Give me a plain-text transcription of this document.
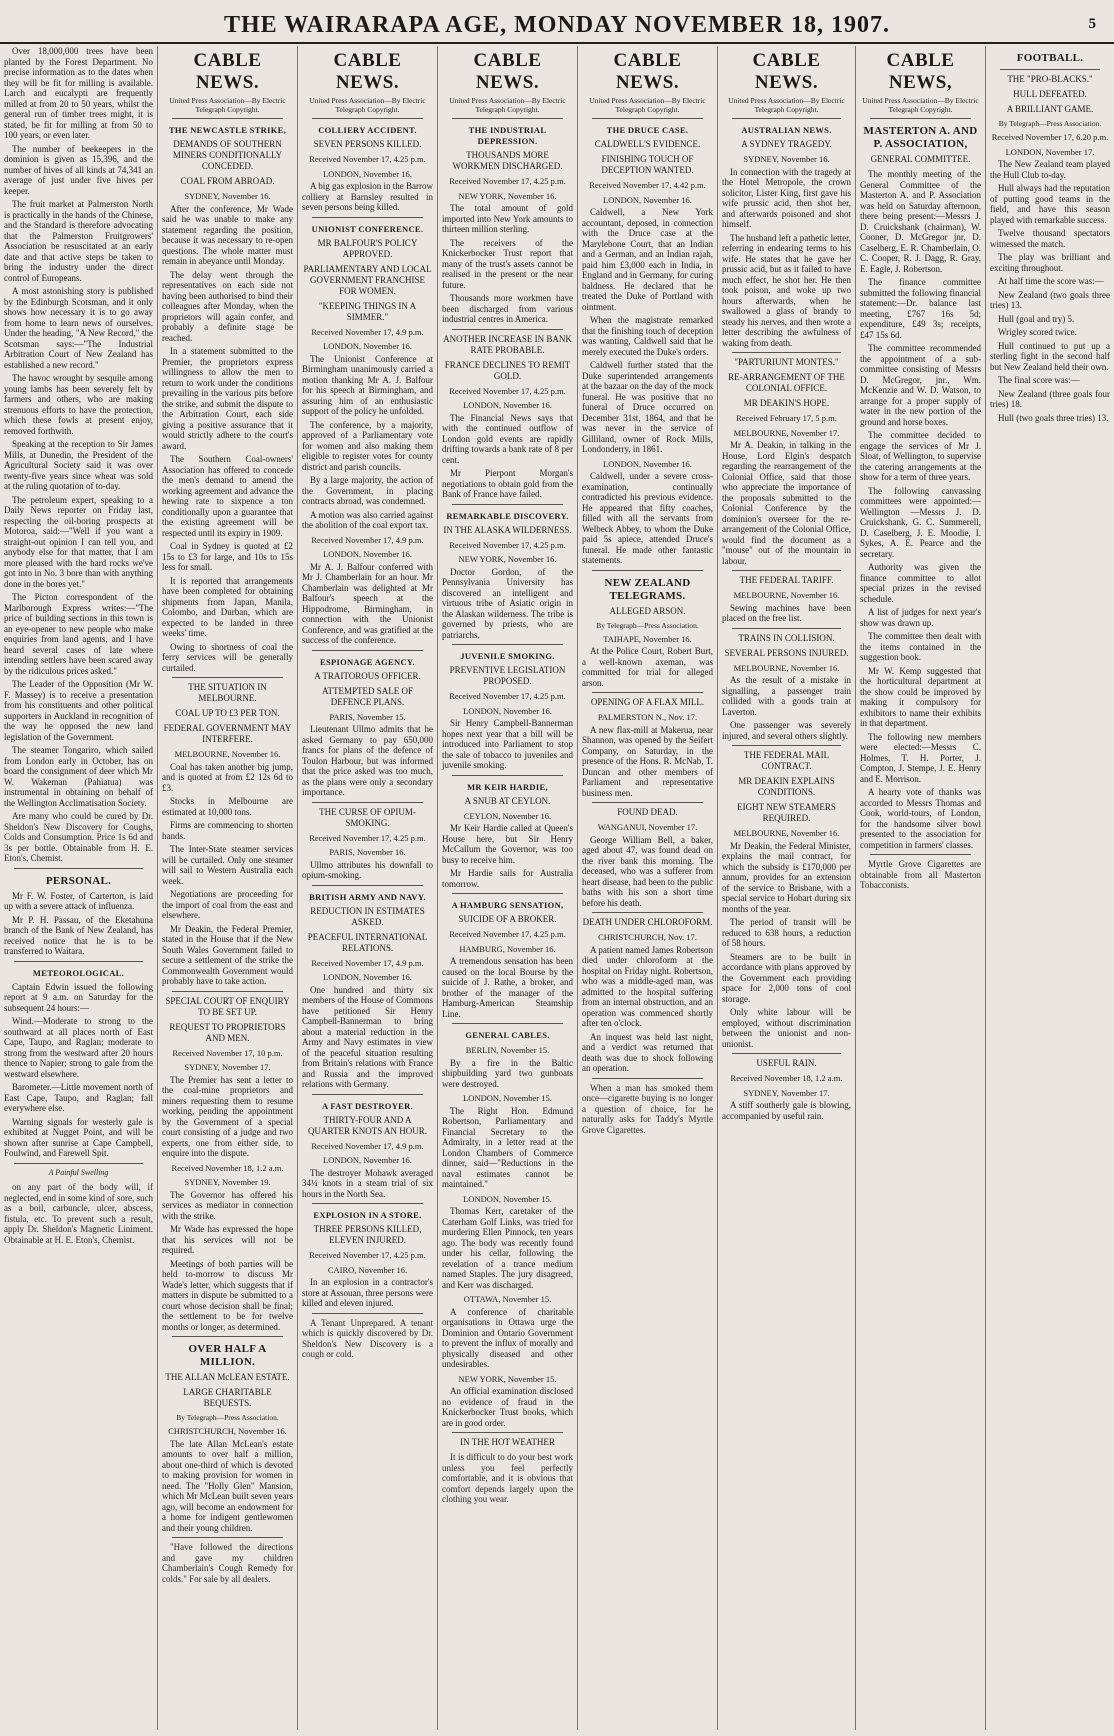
THE WAIRARAPA AGE, MONDAY NOVEMBER 18, 1907.	5

Over 18,000,000 trees have been planted by the Forest Department. No precise information as to the dates when they will be fit for milling is available. Larch and eucalypti are frequently milled at from 20 to 50 years, whilst the general run of timber trees might, it is stated, be fit for milling at from 50 to 100 years, or even later.

The number of beekeepers in the dominion is given as 15,396, and the number of hives of all kinds at 74,341 an average of just under five hives per keeper.

The fruit market at Palmerston North is practically in the hands of the Chinese, and the Standard is therefore advocating that the Palmerston Fruitgrowers' Association be resuscitated at an early date and that active steps be taken to bring the industry under the direct control of Europeans.

A most astonishing story is published by the Edinburgh Scotsman, and it only shows how necessary it is to go away from home to learn news of ourselves. Under the heading, "A New Record," the Scotsman says:—"The Industrial Arbitration Court of New Zealand has established a new record."

The havoc wrought by sesquile among young lambs has been severely felt by farmers and others, who are making strenuous efforts to have the protection, which these fowls at present enjoy, removed forthwith.

Speaking at the reception to Sir James Mills, at Dunedin, the President of the Agricultural Society said it was over twenty-five years since wheat was sold at the ruling quotation of to-day.

The petroleum expert, speaking to a Daily News reporter on Friday last, respecting the oil-boring prospects at Motoroa, said:—"Well if you want a straight-out opinion I can tell you, and anybody else for that matter, that I am more pleased with the hard rocks we've got into in No. 3 bore than with anything done in the bores yet."

The Picton correspondent of the Marlborough Express writes:—"The price of building sections in this town is an eye-opener to new people who make enquiries from land agents, and I have heard several cases of late where intending settlers have been scared away by the ridiculous prices asked."

The Leader of the Opposition (Mr W. F. Massey) is to receive a presentation from his constituents and other political supporters in Auckland in recognition of the way he opposed the new land legislation of the Government.

The steamer Tongariro, which sailed from London early in October, has on board the consignment of deer which Mr W. Wakeman (Pahiatua) was instrumental in obtaining on behalf of the Wellington Acclimatisation Society.

Are many who could be cured by Dr. Sheldon's New Discovery for Coughs, Colds and Consumption. Price 1s 6d and 3s per bottle. Obtainable from H. E. Eton's, Chemist.

PERSONAL.

Mr F. W. Foster, of Carterton, is laid up with a severe attack of influenza.

Mr P. H. Passau, of the Eketahuna branch of the Bank of New Zealand, has received notice that he is to be transferred to Waitara.

METEOROLOGICAL.

Captain Edwin issued the following report at 9 a.m. on Saturday for the subsequent 24 hours:—

Wind.—Moderate to strong to the southward at all places north of East Cape, Taupo, and Raglan; moderate to strong from the westward after 20 hours thence to Napier; strong to gale from the westward elsewhere.

Barometer.—Little movement north of East Cape, Taupo, and Raglan; fall everywhere else.

Warning signals for westerly gale is exhibited at Nugget Point, and will be shown after sunrise at Cape Campbell, Foulwind, and Farewell Spit.

A Painful Swelling

on any part of the body will, if neglected, end in some kind of sore, such as a boil, carbuncle, ulcer, abscess, fistula, etc. To prevent such a result, apply Dr. Sheldon's Magnetic Liniment. Obtainable at H. E. Eton's, Chemist.

CABLE NEWS.
United Press Association—By Electric Telegraph Copyright.
THE NEWCASTLE STRIKE,
DEMANDS OF SOUTHERN MINERS CONDITIONALLY CONCEDED.
COAL FROM ABROAD.
SYDNEY, November 16.

After the conference, Mr Wade said he was unable to make any statement regarding the position, because it was necessary to re-open questions. The whole matter must remain in abeyance until Monday.

The delay went through the representatives on each side not having been authorised to bind their colleagues after Monday, when the proprietors will again confer, and probably a definite stage be reached.

In a statement submitted to the Premier, the proprietors express willingness to allow the men to return to work under the conditions prevailing in the various pits before the strike, and submit the dispute to the Arbitration Court, each side giving a positive assurance that it would strictly adhere to the court's award.

The Southern Coal-owners' Association has offered to concede the men's demand to amend the working agreement and advance the hewing rate to sixpence a ton conditionally upon a guarantee that the existing agreement will be respected until its expiry in 1909.

Coal in Sydney is quoted at £2 15s to £3 for large, and 10s to 15s less for small.

It is reported that arrangements have been completed for obtaining shipments from Japan, Manila, Colombo, and Durban, which are expected to be landed in three weeks' time.

Owing to shortness of coal the ferry services will be generally curtailed.

THE SITUATION IN MELBOURNE.
COAL UP TO £3 PER TON.
FEDERAL GOVERNMENT MAY INTERFERE.
MELBOURNE, November 16.

Coal has taken another big jump, and is quoted at from £2 12s 6d to £3.

Stocks in Melbourne are estimated at 10,000 tons.

Firms are commencing to shorten hands.

The Inter-State steamer services will be curtailed. Only one steamer will sail to Western Australia each week.

Negotiations are proceeding for the import of coal from the east and elsewhere.

Mr Deakin, the Federal Premier, stated in the House that if the New South Wales Government failed to secure a settlement of the strike the Commonwealth Government would probably have to take action.

SPECIAL COURT OF ENQUIRY TO BE SET UP.
REQUEST TO PROPRIETORS AND MEN.
Received November 17, 10 p.m.
SYDNEY, November 17.

The Premier has sent a letter to the coal-mine proprietors and miners requesting them to resume working, pending the appointment by the Government of a special court consisting of a judge and two experts, one from either side, to enquire into the dispute.

Received November 18, 1.2 a.m.
SYDNEY, November 19.

The Governor has offered his services as mediator in connection with the strike.

Mr Wade has expressed the hope that his services will not be required.

Meetings of both parties will be held to-morrow to discuss Mr Wade's letter, which suggests that if matters in dispute be submitted to a court whose decision shall be final; the settlement to be for twelve months or longer, as determined.

OVER HALF A MILLION.
THE ALLAN McLEAN ESTATE.
LARGE CHARITABLE BEQUESTS.
By Telegraph—Press Association.
CHRISTCHURCH, November 16.

The late Allan McLean's estate amounts to over half a million, about one-third of which is devoted to making provision for women in need. The "Holly Glen" Mansion, which Mr McLean built seven years ago, will become an endowment for a home for indigent gentlewomen and their young children.

"Have followed the directions and gave my children Chamberlain's Cough Remedy for colds." For sale by all dealers.

CABLE NEWS.
United Press Association—By Electric Telegraph Copyright.
COLLIERY ACCIDENT.
SEVEN PERSONS KILLED.
Received November 17, 4.25 p.m.
LONDON, November 16.

A big gas explosion in the Barrow colliery at Barnsley resulted in seven persons being killed.

UNIONIST CONFERENCE.
MR BALFOUR'S POLICY APPROVED.
PARLIAMENTARY AND LOCAL GOVERNMENT FRANCHISE FOR WOMEN.
"KEEPING THINGS IN A SIMMER."
Received November 17, 4.9 p.m.
LONDON, November 16.

The Unionist Conference at Birmingham unanimously carried a motion thanking Mr A. J. Balfour for his speech at Birmingham, and assuring him of an enthusiastic support of the policy he unfolded.

The conference, by a majority, approved of a Parliamentary vote for women and also making them eligible to register votes for county district and parish councils.

By a large majority, the action of the Government, in placing contracts abroad, was condemned.

A motion was also carried against the abolition of the coal export tax.

Received November 17, 4.9 p.m.
LONDON, November 16.

Mr A. J. Balfour conferred with Mr J. Chamberlain for an hour. Mr Chamberlain was delighted at Mr Balfour's speech at the Hippodrome, Birmingham, in connection with the Unionist Conference, and was gratified at the success of the conference.

ESPIONAGE AGENCY.
A TRAITOROUS OFFICER.
ATTEMPTED SALE OF DEFENCE PLANS.
PARIS, November 15.

Lieutenant Ullmo admits that he asked Germany to pay 650,000 francs for plans of the defence of Toulon Harbour, but was informed that the price asked was too much, as the plans were only a secondary importance.

THE CURSE OF OPIUM-SMOKING.
Received November 17, 4.25 p.m.
PARIS, November 16.

Ullmo attributes his downfall to opium-smoking.

BRITISH ARMY AND NAVY.
REDUCTION IN ESTIMATES ASKED.
PEACEFUL INTERNATIONAL RELATIONS.
Received November 17, 4.9 p.m.
LONDON, November 16.

One hundred and thirty six members of the House of Commons have petitioned Sir Henry Campbell-Bannerman to bring about a material reduction in the Army and Navy estimates in view of the peaceful situation resulting from Britain's relations with France and Russia and the improved relations with Germany.

A FAST DESTROYER.
THIRTY-FOUR AND A QUARTER KNOTS AN HOUR.
Received November 17, 4.9 p.m.
LONDON, November 16.

The destroyer Mohawk averaged 34¼ knots in a steam trial of six hours in the North Sea.

EXPLOSION IN A STORE.
THREE PERSONS KILLED, ELEVEN INJURED.
Received November 17, 4.25 p.m.
CAIRO, November 16.

In an explosion in a contractor's store at Assouan, three persons were killed and eleven injured.

A Tenant Unprepared. A tenant which is quickly discovered by Dr. Sheldon's New Discovery is a cough or cold.

CABLE NEWS.
United Press Association—By Electric Telegraph Copyright.
THE INDUSTRIAL DEPRESSION.
THOUSANDS MORE WORKMEN DISCHARGED.
Received November 17, 4.25 p.m.
NEW YORK, November 16.

The total amount of gold imported into New York amounts to thirteen million sterling.

The receivers of the Knickerbocker Trust report that many of the trust's assets cannot be realised in the present or the near future.

Thousands more workmen have been discharged from various industrial centres in America.

ANOTHER INCREASE IN BANK RATE PROBABLE.
FRANCE DECLINES TO REMIT GOLD.
Received November 17, 4.25 p.m.
LONDON, November 16.

The Financial News says that with the continued outflow of London gold events are rapidly drifting towards a bank rate of 8 per cent.

Mr Pierpont Morgan's negotiations to obtain gold from the Bank of France have failed.

REMARKABLE DISCOVERY.
IN THE ALASKA WILDERNESS.
Received November 17, 4.25 p.m.
NEW YORK, November 16.

Doctor Gordon, of the Pennsylvania University has discovered an intelligent and virtuous tribe of Asiatic origin in the Alaskan wilderness. The tribe is governed by priests, who are patriarchs.

JUVENILE SMOKING.
PREVENTIVE LEGISLATION PROPOSED.
Received November 17, 4.25 p.m.
LONDON, November 16.

Sir Henry Campbell-Bannerman hopes next year that a bill will be introduced into Parliament to stop the sale of tobacco to juveniles and juvenile smoking.

MR KEIR HARDIE,
A SNUB AT CEYLON.
CEYLON, November 16.

Mr Keir Hardie called at Queen's House here, but Sir Henry McCallum the Governor, was too busy to receive him.

Mr Hardie sails for Australia tomorrow.

A HAMBURG SENSATION,
SUICIDE OF A BROKER.
Received November 17, 4.25 p.m.
HAMBURG, November 16.

A tremendous sensation has been caused on the local Bourse by the suicide of J. Rathe, a broker, and brother of the manager of the Hamburg-American Steamship Line.

GENERAL CABLES.
BERLIN, November 15.

By a fire in the Baltic shipbuilding yard two gunboats were destroyed.

LONDON, November 15.

The Right Hon. Edmund Robertson, Parliamentary and Financial Secretary to the Admiralty, in a letter read at the London Chambers of Commerce dinner, said—"Reductions in the naval estimates cannot be maintained."

LONDON, November 15.

Thomas Kerr, caretaker of the Caterham Golf Links, was tried for murdering Ellen Pinnock, ten years ago. The body was recently found under his cellar, following the revelation of a trance medium named Staples. The jury disagreed, and Kerr was discharged.

OTTAWA, November 15.

A conference of charitable organisations in Ottawa urge the Dominion and Ontario Government to prevent the influx of morally and physically diseased and other undesirables.

NEW YORK, November 15.

An official examination disclosed no evidence of fraud in the Knickerbocker Trust books, which are in good order.

IN THE HOT WEATHER

It is difficult to do your best work unless you feel perfectly comfortable, and it is obvious that comfort depends largely upon the clothing you wear.

CABLE NEWS.
United Press Association—By Electric Telegraph Copyright.
THE DRUCE CASE.
CALDWELL'S EVIDENCE.
FINISHING TOUCH OF DECEPTION WANTED.
Received November 17, 4.42 p.m.
LONDON, November 16.

Caldwell, a New York accountant, deposed, in connection with the Druce case at the Marylebone Court, that an Indian and a German, and an Indian rajah, paid him £3,000 each in India, in England and in Germany, for curing baldness. He declared that he treated the Duke of Portland with ointment.

When the magistrate remarked that the finishing touch of deception was wanting, Caldwell said that he merely executed the Duke's orders.

Caldwell further stated that the Duke superintended arrangements at the bazaar on the day of the mock funeral. He was positive that no funeral of Druce occurred on December 31st, 1864, and that he was never in the service of Gilliland, owner of Rock Mills, Londonderry, in 1861.

LONDON, November 16.

Caldwell, under a severe cross-examination, continually contradicted his previous evidence. He appeared that fifty coaches, filled with all the servants from Welbeck Abbey, to whom the Duke paid 5s apiece, attended Druce's funeral. He made other fantastic statements.

NEW ZEALAND TELEGRAMS.
ALLEGED ARSON.
By Telegraph—Press Association.
TAIHAPE, November 16.

At the Police Court, Robert Burt, a well-known axeman, was committed for trial for alleged arson.

OPENING OF A FLAX MILL.
PALMERSTON N., Nov. 17.

A new flax-mill at Makerua, near Shannon, was opened by the Seifert Company, on Saturday, in the presence of the Hons. R. McNab, T. Duncan and other members of Parliament and representative business men.

FOUND DEAD.
WANGANUI, November 17.

George William Bell, a baker, aged about 47, was found dead on the river bank this morning. The deceased, who was a sufferer from heart disease, had been to the public baths with his son a short time before his death.

DEATH UNDER CHLOROFORM.
CHRISTCHURCH, Nov. 17.

A patient named James Robertson died under chloroform at the hospital on Friday night. Robertson, who was a middle-aged man, was admitted to the hospital suffering from an internal obstruction, and an operation was commenced shortly after ten o'clock.

An inquest was held last night, and a verdict was returned that death was due to shock following an operation.

When a man has smoked them once—cigarette buying is no longer a question of choice, for he naturally asks for Taddy's Myrtle Grove Cigarettes.

CABLE NEWS.
United Press Association—By Electric Telegraph Copyright.
AUSTRALIAN NEWS.
A SYDNEY TRAGEDY.
SYDNEY, November 16.

In connection with the tragedy at the Hotel Metropole, the crown solicitor, Lister King, first gave his wife prussic acid, then shot her, and afterwards poisoned and shot himself.

The husband left a pathetic letter, referring in endearing terms to his wife. He states that he gave her prussic acid, but as it failed to have much effect, he shot her. He then took poison, and woke up two hours afterwards, when he swallowed a glass of brandy to steady his nerves, and then wrote a letter describing the awfulness of waking from death.

"PARTURIUNT MONTES."
RE-ARRANGEMENT OF THE COLONIAL OFFICE.
MR DEAKIN'S HOPE.
Received February 17, 5 p.m.
MELBOURNE, November 17.

Mr A. Deakin, in talking in the House, Lord Elgin's despatch regarding the rearrangement of the Colonial Office, said that those who appreciate the importance of the proposals submitted to the Colonial Conference by the dominion's overseer for the re-arrangement of the Colonial Office, would find the document as a "mouse" out of the mountain in labour.

THE FEDERAL TARIFF.
MELBOURNE, November 16.

Sewing machines have been placed on the free list.

TRAINS IN COLLISION.
SEVERAL PERSONS INJURED.
MELBOURNE, November 16.

As the result of a mistake in signalling, a passenger train collided with a goods train at Laverton.

One passenger was severely injured, and several others slightly.

THE FEDERAL MAIL CONTRACT.
MR DEAKIN EXPLAINS CONDITIONS.
EIGHT NEW STEAMERS REQUIRED.
MELBOURNE, November 16.

Mr Deakin, the Federal Minister, explains the mail contract, for which the subsidy is £170,000 per annum, provides for an extension of the service to Brisbane, with a special service to Hobart during six months of the year.

The period of transit will be reduced to 638 hours, a reduction of 58 hours.

Steamers are to be built in accordance with plans approved by the Government each providing space for 2,000 tons of cool storage.

Only white labour will be employed, without discrimination between the unionist and non-unionist.

USEFUL RAIN.
Received November 18, 1.2 a.m.
SYDNEY, November 17.

A stiff southerly gale is blowing, accompanied by useful rain.

CABLE NEWS,
United Press Association—By Electric Telegraph Copyright.
MASTERTON A. AND P. ASSOCIATION,
GENERAL COMMITTEE.

The monthly meeting of the General Committee of the Masterton A. and P. Association was held on Saturday afternoon, there being present:—Messrs J. D. Cruickshank (chairman), W. Cooner, D. McGregor jnr, D. Caselberg, E. R. Chamberlain, O. C. Cooper, R. J. Dagg, R. Gray, E. Eagle, J. Robertson.

The finance committee submitted the following financial statement:—Dr. balance last meeting, £767 16s 5d; expenditure, £49 3s; receipts, £47 15s 6d.

The committee recommended the appointment of a sub-committee consisting of Messrs D. McGregor, jnr., Wm. McKenzie and W. D. Watson, to arrange for a proper supply of water in the new portion of the ground and horse boxes.

The committee decided to engage the services of Mr J. Sloat, of Wellington, to supervise the catering arrangements at the show for a term of three years.

The following canvassing committees were appointed:—Wellington —Messrs J. D. Cruickshank, G. C. Summerell, D. Caselberg, J. E. Moodie, I. Sykes, A. E. Pearce and the secretary.

Authority was given the finance committee to allot special prizes in the revised schedule.

A list of judges for next year's show was drawn up.

The committee then dealt with the items contained in the suggestion book.

Mr W. Kemp suggested that the horticultural department at the show could be improved by making it compulsory for exhibitors to name their exhibits in that department.

The following new members were elected:—Messrs C. Holmes, T. H. Porter, J. Compton, J. Stempe, J. E. Henry and E. Morrison.

A hearty vote of thanks was accorded to Messrs Thomas and Cook, world-tours, of London, for the handsome silver bowl presented to the association for competition in farmers' classes.

Myrtle Grove Cigarettes are obtainable from all Masterton Tobacconists.

FOOTBALL.
THE "PRO-BLACKS."
HULL DEFEATED.
A BRILLIANT GAME.
By Telegraph—Press Association.
Received November 17, 6.20 p.m.
LONDON, November 17.

The New Zealand team played the Hull Club to-day.

Hull always had the reputation of putting good teams in the field, and have this season played with remarkable success.

Twelve thousand spectators witnessed the match.

The play was brilliant and exciting throughout.

At half time the score was:—

New Zealand (two goals three tries) 13.

Hull (goal and try) 5.

Wrigley scored twice.

Hull continued to put up a sterling fight in the second half but New Zealand held their own.

The final score was:—

New Zealand (three goals four tries) 18.

Hull (two goals three tries) 13.
